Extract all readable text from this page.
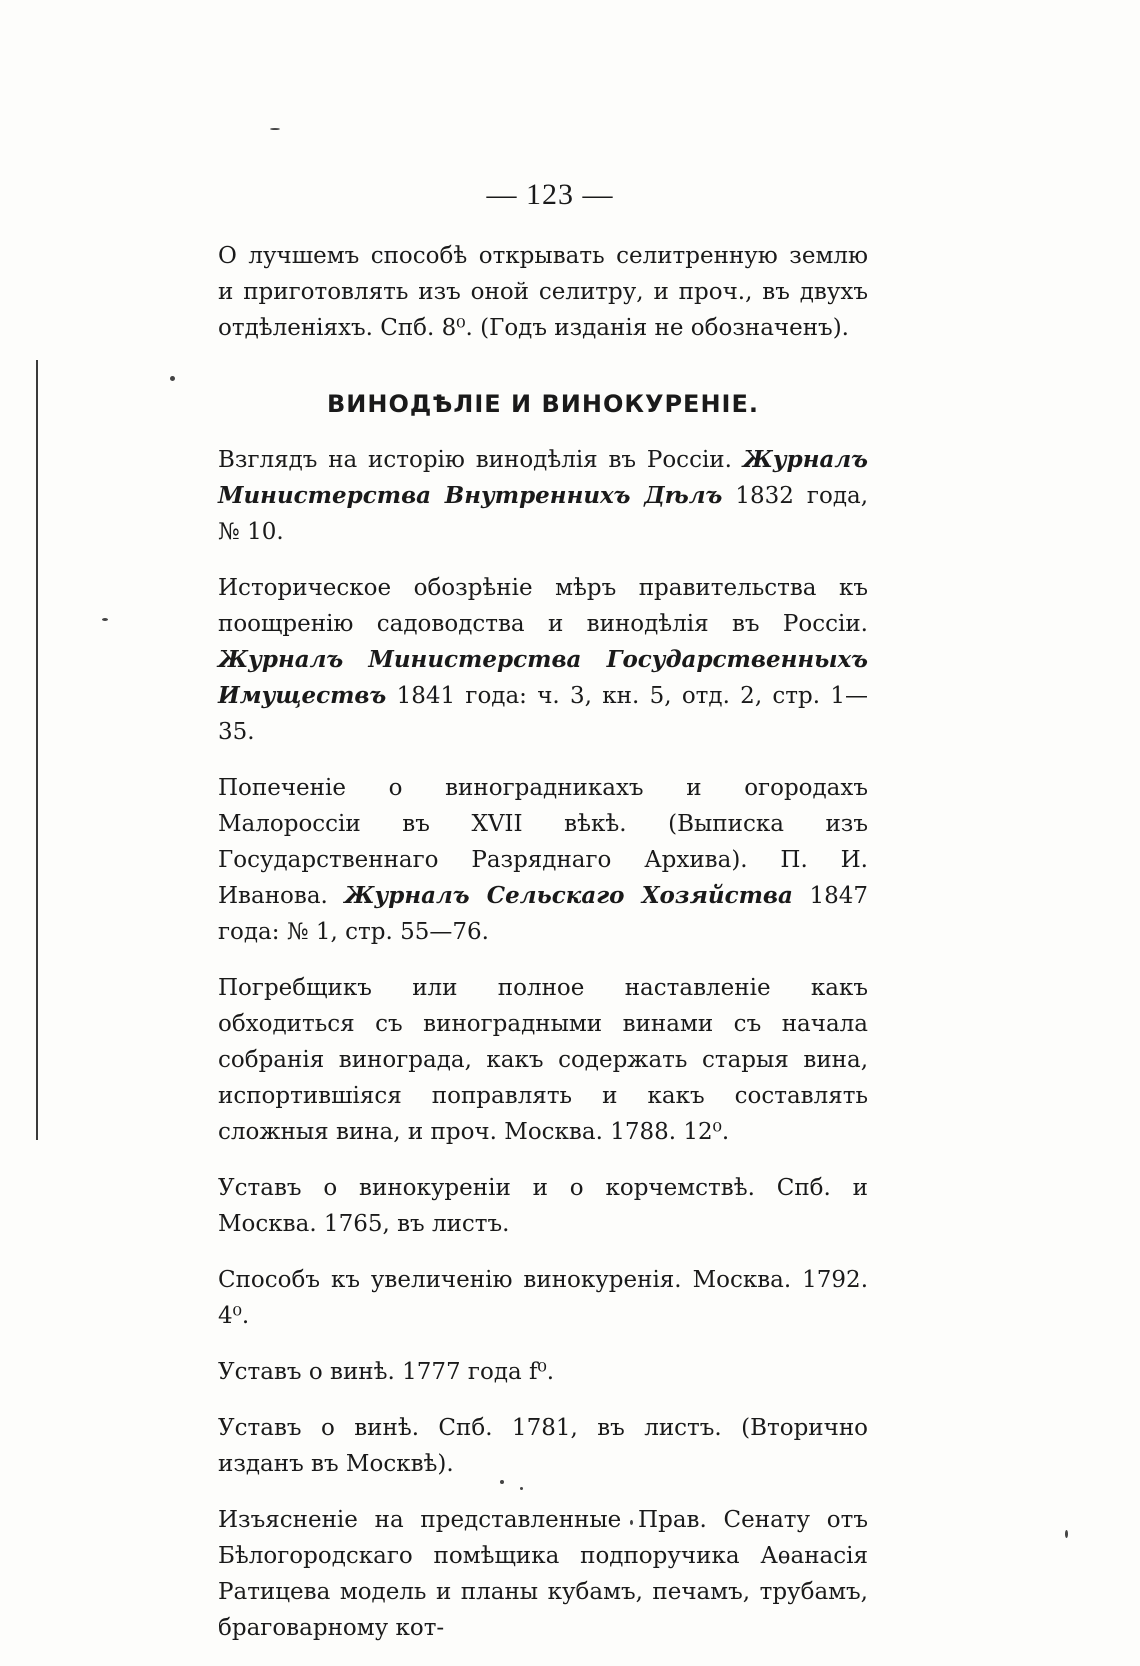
— 123 —

О лучшемъ способѣ открывать селитренную землю и приготовлять изъ оной селитру, и проч., въ двухъ отдѣленіяхъ. Спб. 8⁰. (Годъ изданія не обозначенъ).

ВИНОДѢЛІЕ И ВИНОКУРЕНІЕ.

Взглядъ на исторію винодѣлія въ Россіи. Журналъ Министерства Внутреннихъ Дѣлъ 1832 года, № 10.

Историческое обозрѣніе мѣръ правительства къ поощренію садоводства и винодѣлія въ Россіи. Журналъ Министерства Государственныхъ Имуществъ 1841 года: ч. 3, кн. 5, отд. 2, стр. 1—35.

Попеченіе о виноградникахъ и огородахъ Малороссіи въ XVII вѣкѣ. (Выписка изъ Государственнаго Разряднаго Архива). П. И. Иванова. Журналъ Сельскаго Хозяйства 1847 года: № 1, стр. 55—76.

Погребщикъ или полное наставленіе какъ обходиться съ виноградными винами съ начала собранія винограда, какъ содержать старыя вина, испортившіяся поправлять и какъ составлять сложныя вина, и проч. Москва. 1788. 12⁰.

Уставъ о винокуреніи и о корчемствѣ. Спб. и Москва. 1765, въ листъ.

Способъ къ увеличенію винокуренія. Москва. 1792. 4⁰.

Уставъ о винѣ. 1777 года f⁰.

Уставъ о винѣ. Спб. 1781, въ листъ. (Вторично изданъ въ Москвѣ).

Изъясненіе на представленные Прав. Сенату отъ Бѣлогородскаго помѣщика подпоручика Аѳанасія Ратицева модель и планы кубамъ, печамъ, трубамъ, браговарному кот-
